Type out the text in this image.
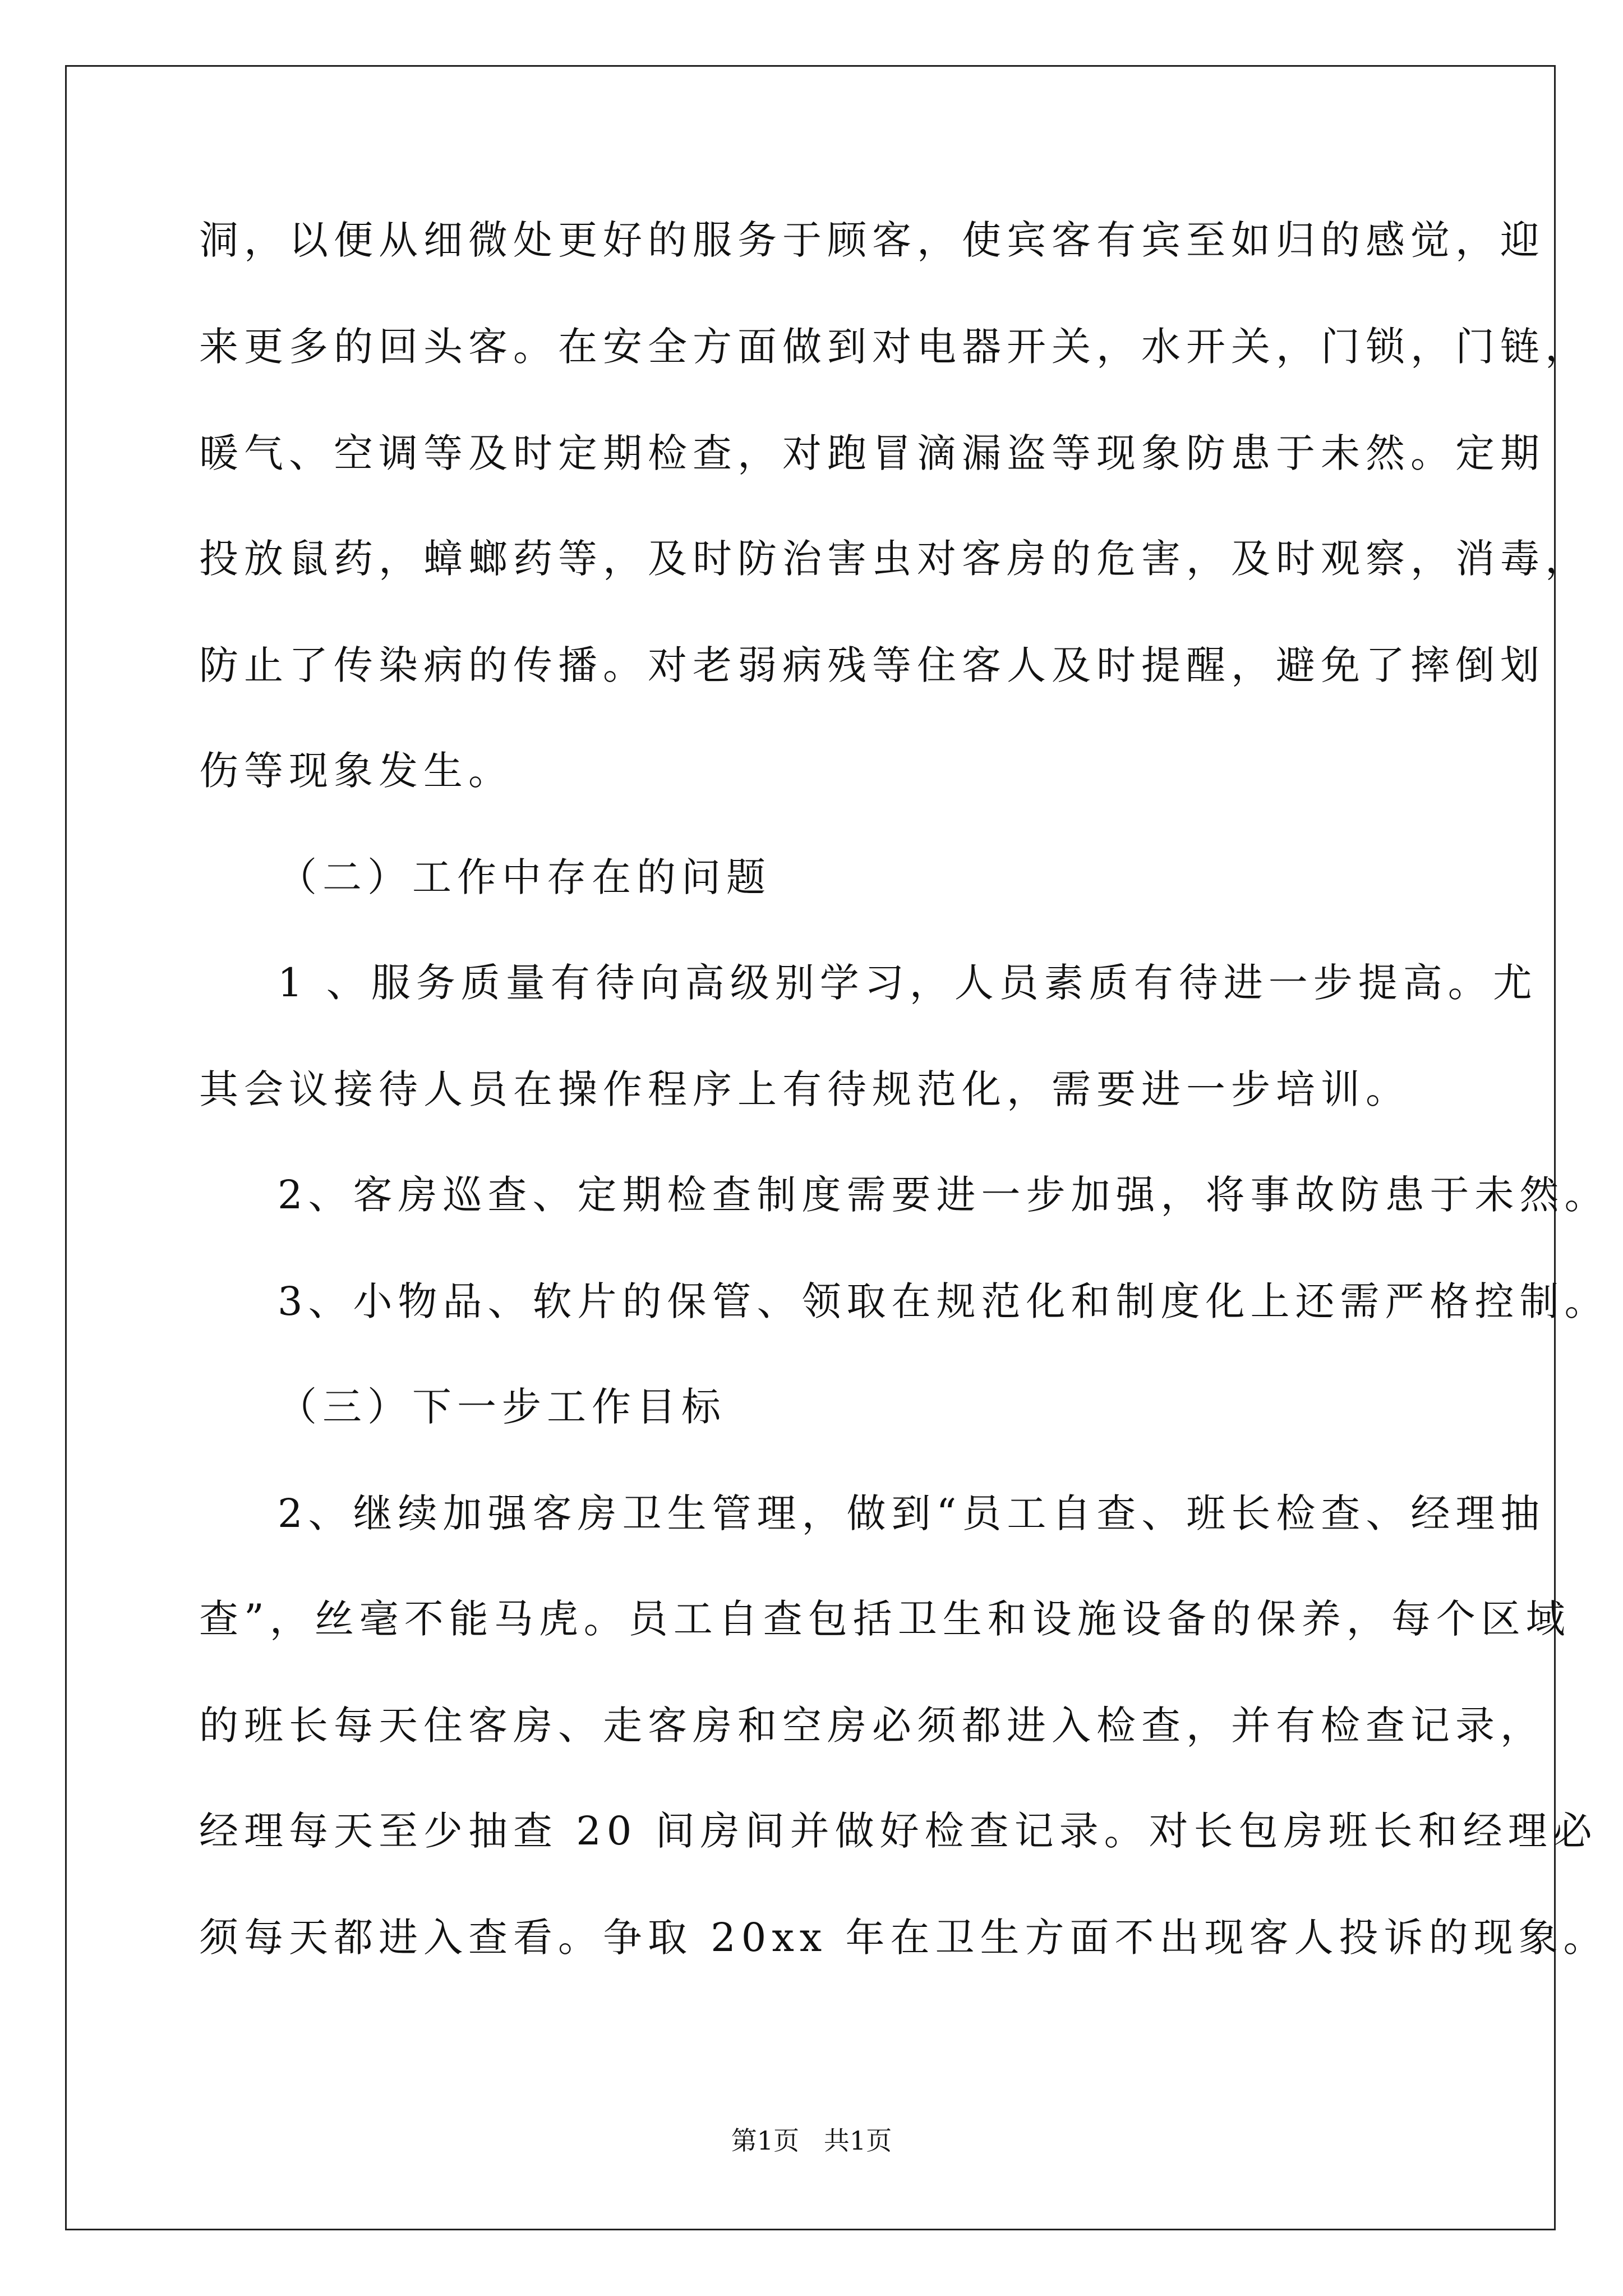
洞，以便从细微处更好的服务于顾客，使宾客有宾至如归的感觉，迎
来更多的回头客。在安全方面做到对电器开关，水开关，门锁，门链，
暖气、空调等及时定期检查，对跑冒滴漏盗等现象防患于未然。定期
投放鼠药，蟑螂药等，及时防治害虫对客房的危害，及时观察，消毒，
防止了传染病的传播。对老弱病残等住客人及时提醒，避免了摔倒划
伤等现象发生。
（二）工作中存在的问题
1 、服务质量有待向高级别学习，人员素质有待进一步提高。尤
其会议接待人员在操作程序上有待规范化，需要进一步培训。
2、客房巡查、定期检查制度需要进一步加强，将事故防患于未然。
3、小物品、软片的保管、领取在规范化和制度化上还需严格控制。
（三）下一步工作目标
2、继续加强客房卫生管理，做到“员工自查、班长检查、经理抽
查”，丝毫不能马虎。员工自查包括卫生和设施设备的保养，每个区域
的班长每天住客房、走客房和空房必须都进入检查，并有检查记录，
经理每天至少抽查 20 间房间并做好检查记录。对长包房班长和经理必
须每天都进入查看。争取 20xx 年在卫生方面不出现客人投诉的现象。
第1页   共1页
